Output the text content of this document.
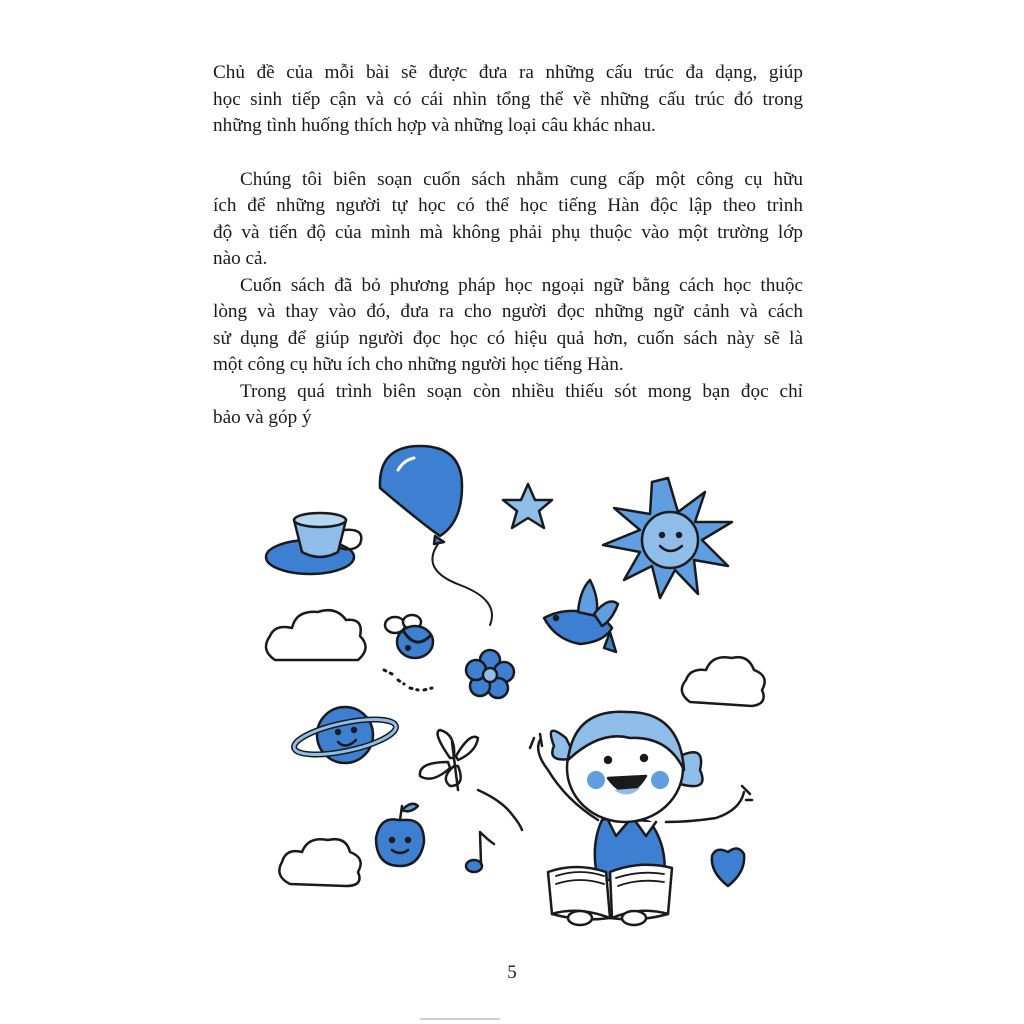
Chủ đề của mỗi bài sẽ được đưa ra những cấu trúc đa dạng, giúp
học sinh tiếp cận và có cái nhìn tổng thể về những cấu trúc đó trong
những tình huống thích hợp và những loại câu khác nhau.

Chúng tôi biên soạn cuốn sách nhằm cung cấp một công cụ hữu
ích để những người tự học có thể học tiếng Hàn độc lập theo trình
độ và tiến độ của mình mà không phải phụ thuộc vào một trường lớp
nào cả.

Cuốn sách đã bỏ phương pháp học ngoại ngữ bằng cách học thuộc
lòng và thay vào đó, đưa ra cho người đọc những ngữ cảnh và cách
sử dụng để giúp người đọc học có hiệu quả hơn, cuốn sách này sẽ là
một công cụ hữu ích cho những người học tiếng Hàn.

Trong quá trình biên soạn còn nhiều thiếu sót mong bạn đọc chỉ
bảo và góp ý

5
